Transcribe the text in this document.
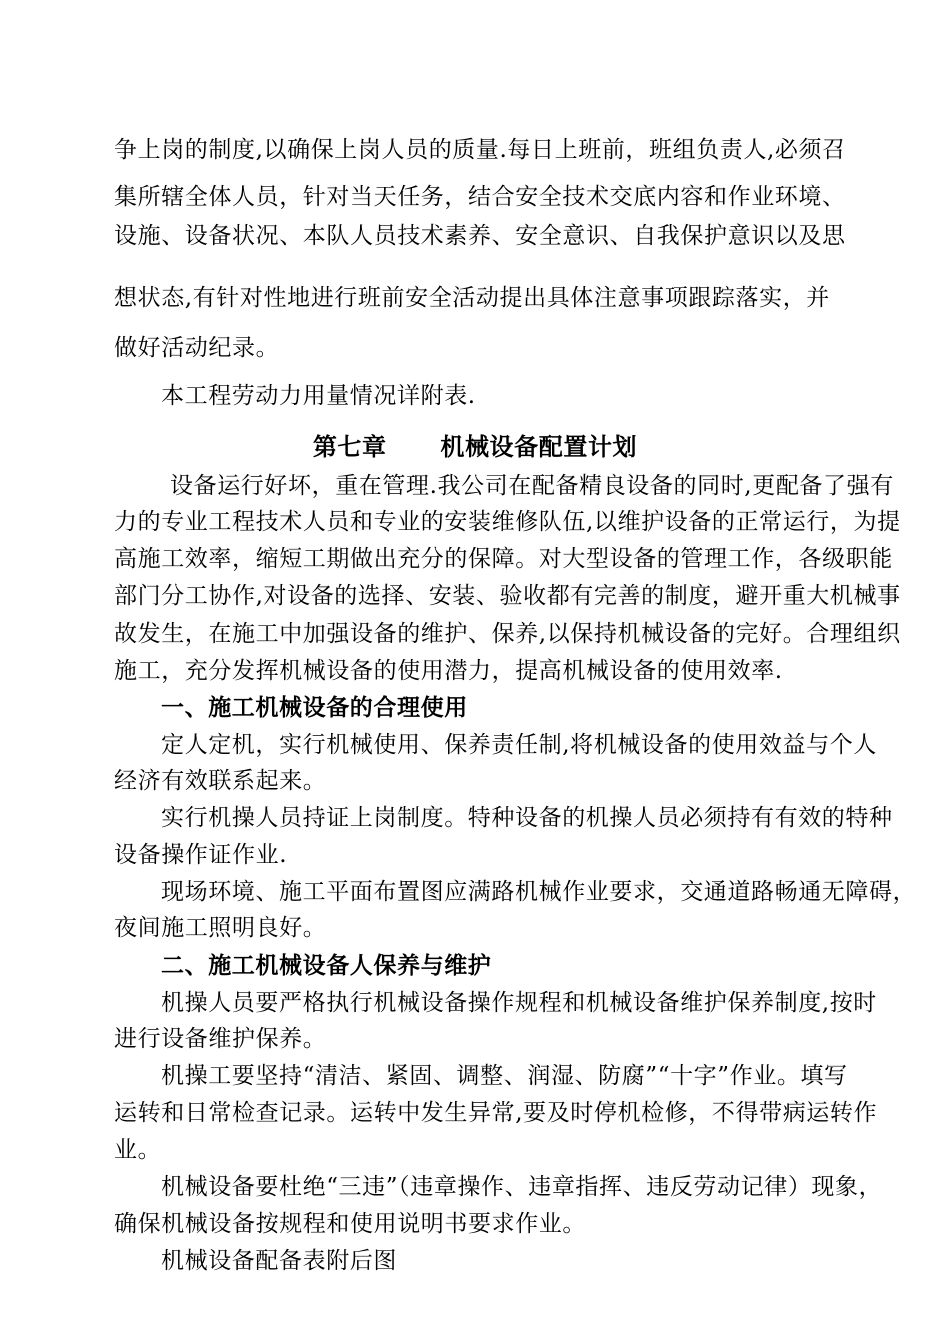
争上岗的制度,以确保上岗人员的质量.每日上班前，班组负责人,必须召
集所辖全体人员，针对当天任务，结合安全技术交底内容和作业环境、
设施、设备状况、本队人员技术素养、安全意识、自我保护意识以及思
想状态,有针对性地进行班前安全活动提出具体注意事项跟踪落实，并
做好活动纪录。
本工程劳动力用量情况详附表.
第七章      机械设备配置计划
设备运行好坏，重在管理.我公司在配备精良设备的同时,更配备了强有
力的专业工程技术人员和专业的安装维修队伍,以维护设备的正常运行，为提
高施工效率，缩短工期做出充分的保障。对大型设备的管理工作，各级职能
部门分工协作,对设备的选择、安装、验收都有完善的制度，避开重大机械事
故发生，在施工中加强设备的维护、保养,以保持机械设备的完好。合理组织
施工，充分发挥机械设备的使用潜力，提高机械设备的使用效率.
一、施工机械设备的合理使用
定人定机，实行机械使用、保养责任制,将机械设备的使用效益与个人
经济有效联系起来。
实行机操人员持证上岗制度。特种设备的机操人员必须持有有效的特种
设备操作证作业.
现场环境、施工平面布置图应满路机械作业要求，交通道路畅通无障碍，
夜间施工照明良好。
二、施工机械设备人保养与维护
机操人员要严格执行机械设备操作规程和机械设备维护保养制度,按时
进行设备维护保养。
机操工要坚持“清洁、紧固、调整、润湿、防腐”“十字”作业。填写
运转和日常检查记录。运转中发生异常,要及时停机检修，不得带病运转作
业。
机械设备要杜绝“三违”（违章操作、违章指挥、违反劳动记律）现象，
确保机械设备按规程和使用说明书要求作业。
机械设备配备表附后图
